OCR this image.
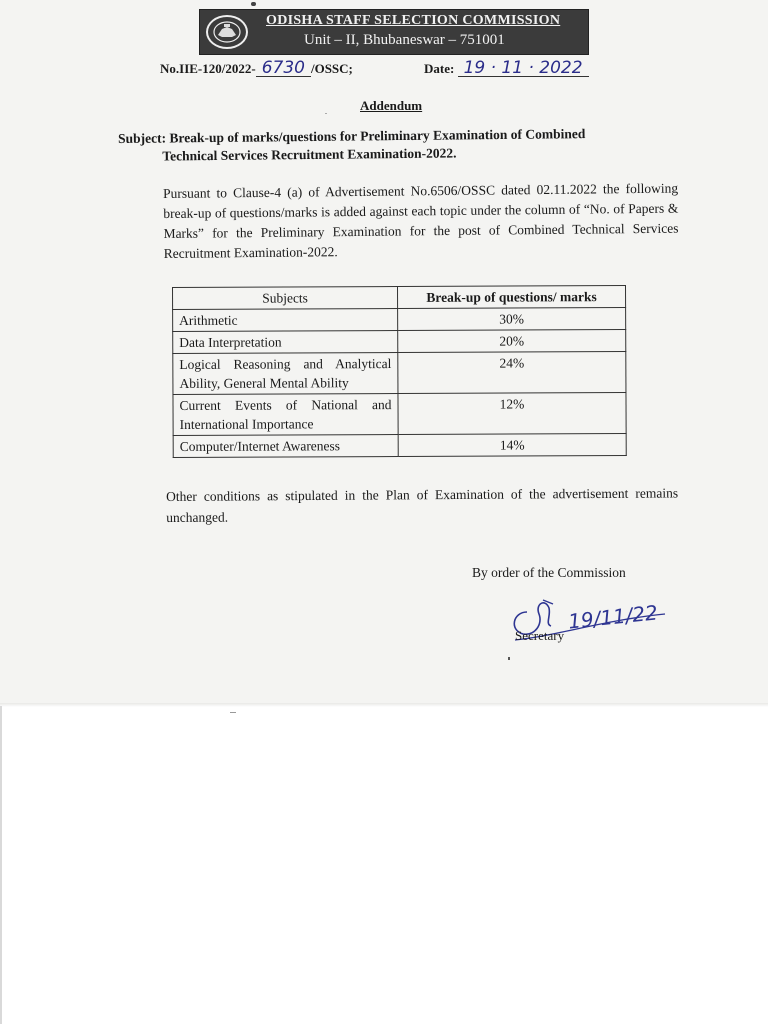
ODISHA STAFF SELECTION COMMISSION
Unit – II, Bhubaneswar – 751001
No.IIE-120/2022- 6730 /OSSC;	Date: 19 · 11 · 2022
Addendum
Subject: Break-up of marks/questions for Preliminary Examination of Combined
Technical Services Recruitment Examination-2022.
Pursuant to Clause-4 (a) of Advertisement No.6506/OSSC dated 02.11.2022 the following break-up of questions/marks is added against each topic under the column of “No. of Papers & Marks” for the Preliminary Examination for the post of Combined Technical Services Recruitment Examination-2022.
Subjects	Break-up of questions/ marks
Arithmetic	30%
Data Interpretation	20%
Logical Reasoning and Analytical Ability, General Mental Ability	24%
Current Events of National and International Importance	12%
Computer/Internet Awareness	14%
Other conditions as stipulated in the Plan of Examination of the advertisement remains unchanged.
By order of the Commission
19/11/22
Secretary
